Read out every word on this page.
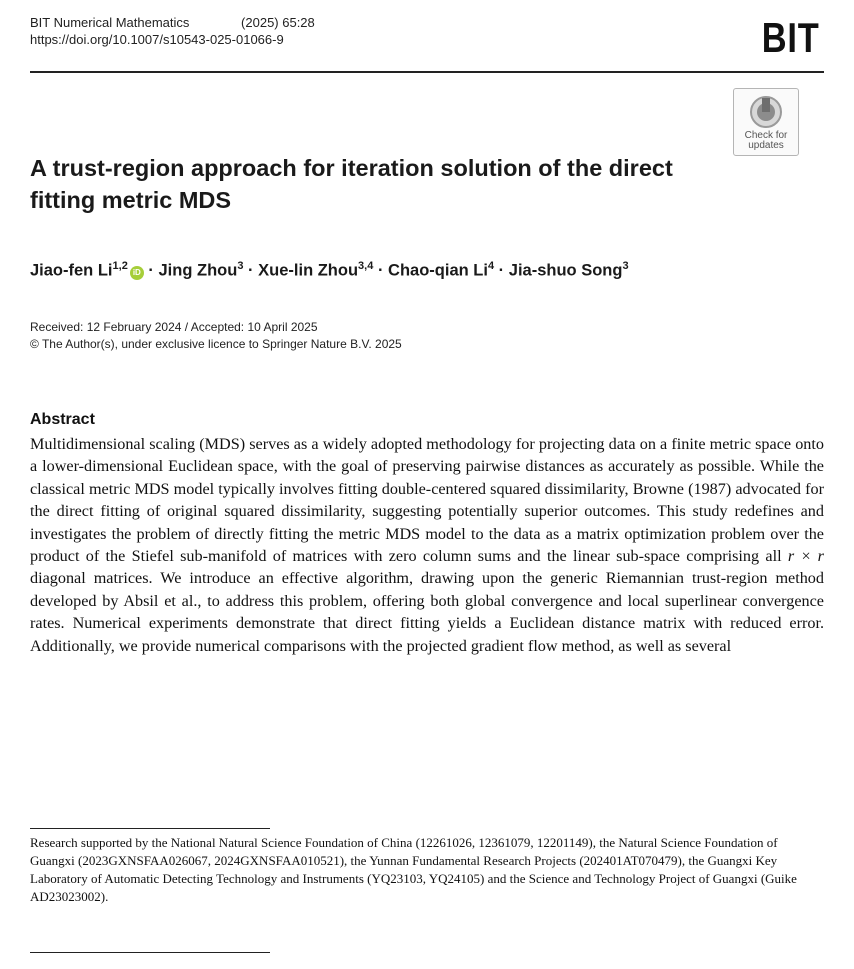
BIT Numerical Mathematics	(2025) 65:28
https://doi.org/10.1007/s10543-025-01066-9	BIT
Check for
updates
A trust-region approach for iteration solution of the direct fitting metric MDS
Jiao-fen Li$^{1,2}$ iD · Jing Zhou$^3$ · Xue-lin Zhou$^{3,4}$ · Chao-qian $Li^4$ · Jia-shuo Song$^3$
Received: 12 February 2024 / Accepted: 10 April 2025
© The Author(s), under exclusive licence to Springer Nature B.V. 2025
Abstract

Multidimensional scaling (MDS) serves as a widely adopted methodology for projecting data on a finite metric space onto a lower-dimensional Euclidean space, with the goal of preserving pairwise distances as accurately as possible. While the classical metric MDS model typically involves fitting double-centered squared dissimilarity, Browne (1987) advocated for the direct fitting of original squared dissimilarity, suggesting potentially superior outcomes. This study redefines and investigates the problem of directly fitting the metric MDS model to the data as a matrix optimization problem over the product of the Stiefel sub-manifold of matrices with zero column sums and the linear sub-space comprising all r × r diagonal matrices. We introduce an effective algorithm, drawing upon the generic Riemannian trust-region method developed by Absil et al., to address this problem, offering both global convergence and local superlinear convergence rates. Numerical experiments demonstrate that direct fitting yields a Euclidean distance matrix with reduced error. Additionally, we provide numerical comparisons with the projected gradient flow method, as well as several

Research supported by the National Natural Science Foundation of China (12261026, 12361079, 12201149), the Natural Science Foundation of Guangxi (2023GXNSFAA026067, 2024GXNSFAA010521), the Yunnan Fundamental Research Projects (202401AT070479), the Guangxi Key Laboratory of Automatic Detecting Technology and Instruments (YQ23103, YQ24105) and the Science and Technology Project of Guangxi (Guike AD23023002).
